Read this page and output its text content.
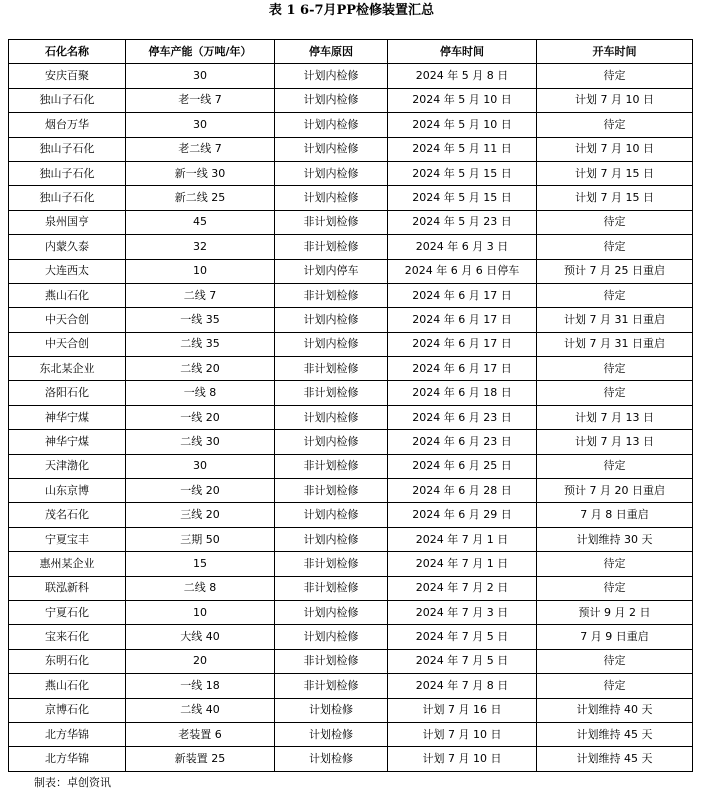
表 1 6-7月PP检修装置汇总
石化名称	停车产能（万吨/年）	停车原因	停车时间	开车时间
安庆百聚	30	计划内检修	2024 年 5 月 8 日	待定
独山子石化	老一线 7	计划内检修	2024 年 5 月 10 日	计划 7 月 10 日
烟台万华	30	计划内检修	2024 年 5 月 10 日	待定
独山子石化	老二线 7	计划内检修	2024 年 5 月 11 日	计划 7 月 10 日
独山子石化	新一线 30	计划内检修	2024 年 5 月 15 日	计划 7 月 15 日
独山子石化	新二线 25	计划内检修	2024 年 5 月 15 日	计划 7 月 15 日
泉州国亨	45	非计划检修	2024 年 5 月 23 日	待定
内蒙久泰	32	非计划检修	2024 年 6 月 3 日	待定
大连西太	10	计划内停车	2024 年 6 月 6 日停车	预计 7 月 25 日重启
燕山石化	二线 7	非计划检修	2024 年 6 月 17 日	待定
中天合创	一线 35	计划内检修	2024 年 6 月 17 日	计划 7 月 31 日重启
中天合创	二线 35	计划内检修	2024 年 6 月 17 日	计划 7 月 31 日重启
东北某企业	二线 20	非计划检修	2024 年 6 月 17 日	待定
洛阳石化	一线 8	非计划检修	2024 年 6 月 18 日	待定
神华宁煤	一线 20	计划内检修	2024 年 6 月 23 日	计划 7 月 13 日
神华宁煤	二线 30	计划内检修	2024 年 6 月 23 日	计划 7 月 13 日
天津渤化	30	非计划检修	2024 年 6 月 25 日	待定
山东京博	一线 20	非计划检修	2024 年 6 月 28 日	预计 7 月 20 日重启
茂名石化	三线 20	计划内检修	2024 年 6 月 29 日	7 月 8 日重启
宁夏宝丰	三期 50	计划内检修	2024 年 7 月 1 日	计划维持 30 天
惠州某企业	15	非计划检修	2024 年 7 月 1 日	待定
联泓新科	二线 8	非计划检修	2024 年 7 月 2 日	待定
宁夏石化	10	计划内检修	2024 年 7 月 3 日	预计 9 月 2 日
宝来石化	大线 40	计划内检修	2024 年 7 月 5 日	7 月 9 日重启
东明石化	20	非计划检修	2024 年 7 月 5 日	待定
燕山石化	一线 18	非计划检修	2024 年 7 月 8 日	待定
京博石化	二线 40	计划检修	计划 7 月 16 日	计划维持 40 天
北方华锦	老装置 6	计划检修	计划 7 月 10 日	计划维持 45 天
北方华锦	新装置 25	计划检修	计划 7 月 10 日	计划维持 45 天
制表：卓创资讯
